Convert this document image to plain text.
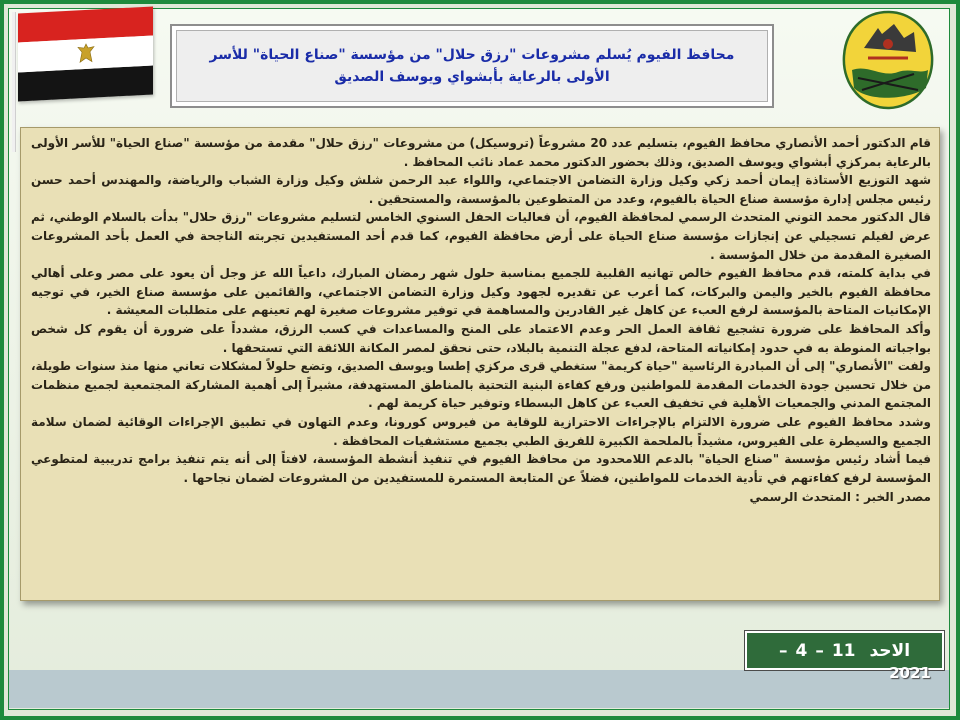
محافظ الفيوم يُسلم مشروعات "رزق حلال" من مؤسسة "صناع الحياة" للأسر الأولى بالرعاية بأبشواي ويوسف الصديق

قام الدكتور أحمد الأنصاري محافظ الفيوم، بتسليم عدد 20 مشروعاً (تروسيكل) من مشروعات "رزق حلال" مقدمة من مؤسسة "صناع الحياة" للأسر الأولى بالرعاية بمركزي أبشواي ويوسف الصديق، وذلك بحضور الدكتور محمد عماد نائب المحافظ .

شهد التوزيع الأستاذة إيمان أحمد زكي وكيل وزارة التضامن الاجتماعي، واللواء عبد الرحمن شلش وكيل وزارة الشباب والرياضة، والمهندس أحمد حسن رئيس مجلس إدارة مؤسسة صناع الحياة بالفيوم، وعدد من المتطوعين بالمؤسسة، والمستحقين .

قال الدكتور محمد التوني المتحدث الرسمي لمحافظة الفيوم، أن فعاليات الحفل السنوي الخامس لتسليم مشروعات "رزق حلال" بدأت بالسلام الوطني، ثم عرض لفيلم تسجيلي عن إنجازات مؤسسة صناع الحياة على أرض محافظة الفيوم، كما قدم أحد المستفيدين تجربته الناجحة في العمل بأحد المشروعات الصغيرة المقدمة من خلال المؤسسة .

في بداية كلمته، قدم محافظ الفيوم خالص تهانيه القلبية للجميع بمناسبة حلول شهر رمضان المبارك، داعياً الله عز وجل أن يعود على مصر وعلى أهالي محافظة الفيوم بالخير واليمن والبركات، كما أعرب عن تقديره لجهود وكيل وزارة التضامن الاجتماعي، والقائمين على مؤسسة صناع الخير، في توجيه الإمكانيات المتاحة بالمؤسسة لرفع العبء عن كاهل غير القادرين والمساهمة في توفير مشروعات صغيرة لهم تعينهم على متطلبات المعيشة .

وأكد المحافظ على ضرورة تشجيع ثقافة العمل الحر وعدم الاعتماد على المنح والمساعدات في كسب الرزق، مشدداً على ضرورة أن يقوم كل شخص بواجباته المنوطة به في حدود إمكانياته المتاحة، لدفع عجلة التنمية بالبلاد، حتى نحقق لمصر المكانة اللائقة التي تستحقها .

ولفت "الأنصاري" إلى أن المبادرة الرئاسية "حياة كريمة" ستغطي قرى مركزي إطسا ويوسف الصديق، وتضع حلولاً لمشكلات تعاني منها منذ سنوات طويلة، من خلال تحسين جودة الخدمات المقدمة للمواطنين ورفع كفاءة البنية التحتية بالمناطق المستهدفة، مشيراً إلى أهمية المشاركة المجتمعية لجميع منظمات المجتمع المدني والجمعيات الأهلية في تخفيف العبء عن كاهل البسطاء وتوفير حياة كريمة لهم .

وشدد محافظ الفيوم على ضرورة الالتزام بالإجراءات الاحترازية للوقاية من فيروس كورونا، وعدم التهاون في تطبيق الإجراءات الوقائية لضمان سلامة الجميع والسيطرة على الفيروس، مشيداً بالملحمة الكبيرة للفريق الطبي بجميع مستشفيات المحافظة .

فيما أشاد رئيس مؤسسة "صناع الحياة" بالدعم اللامحدود من محافظ الفيوم في تنفيذ أنشطة المؤسسة، لافتاً إلى أنه يتم تنفيذ برامج تدريبية لمتطوعي المؤسسة لرفع كفاءتهم في تأدية الخدمات للمواطنين، فضلاً عن المتابعة المستمرة للمستفيدين من المشروعات لضمان نجاحها .

مصدر الخبر : المتحدث الرسمي

الاحد
11
–
4
–
2021
